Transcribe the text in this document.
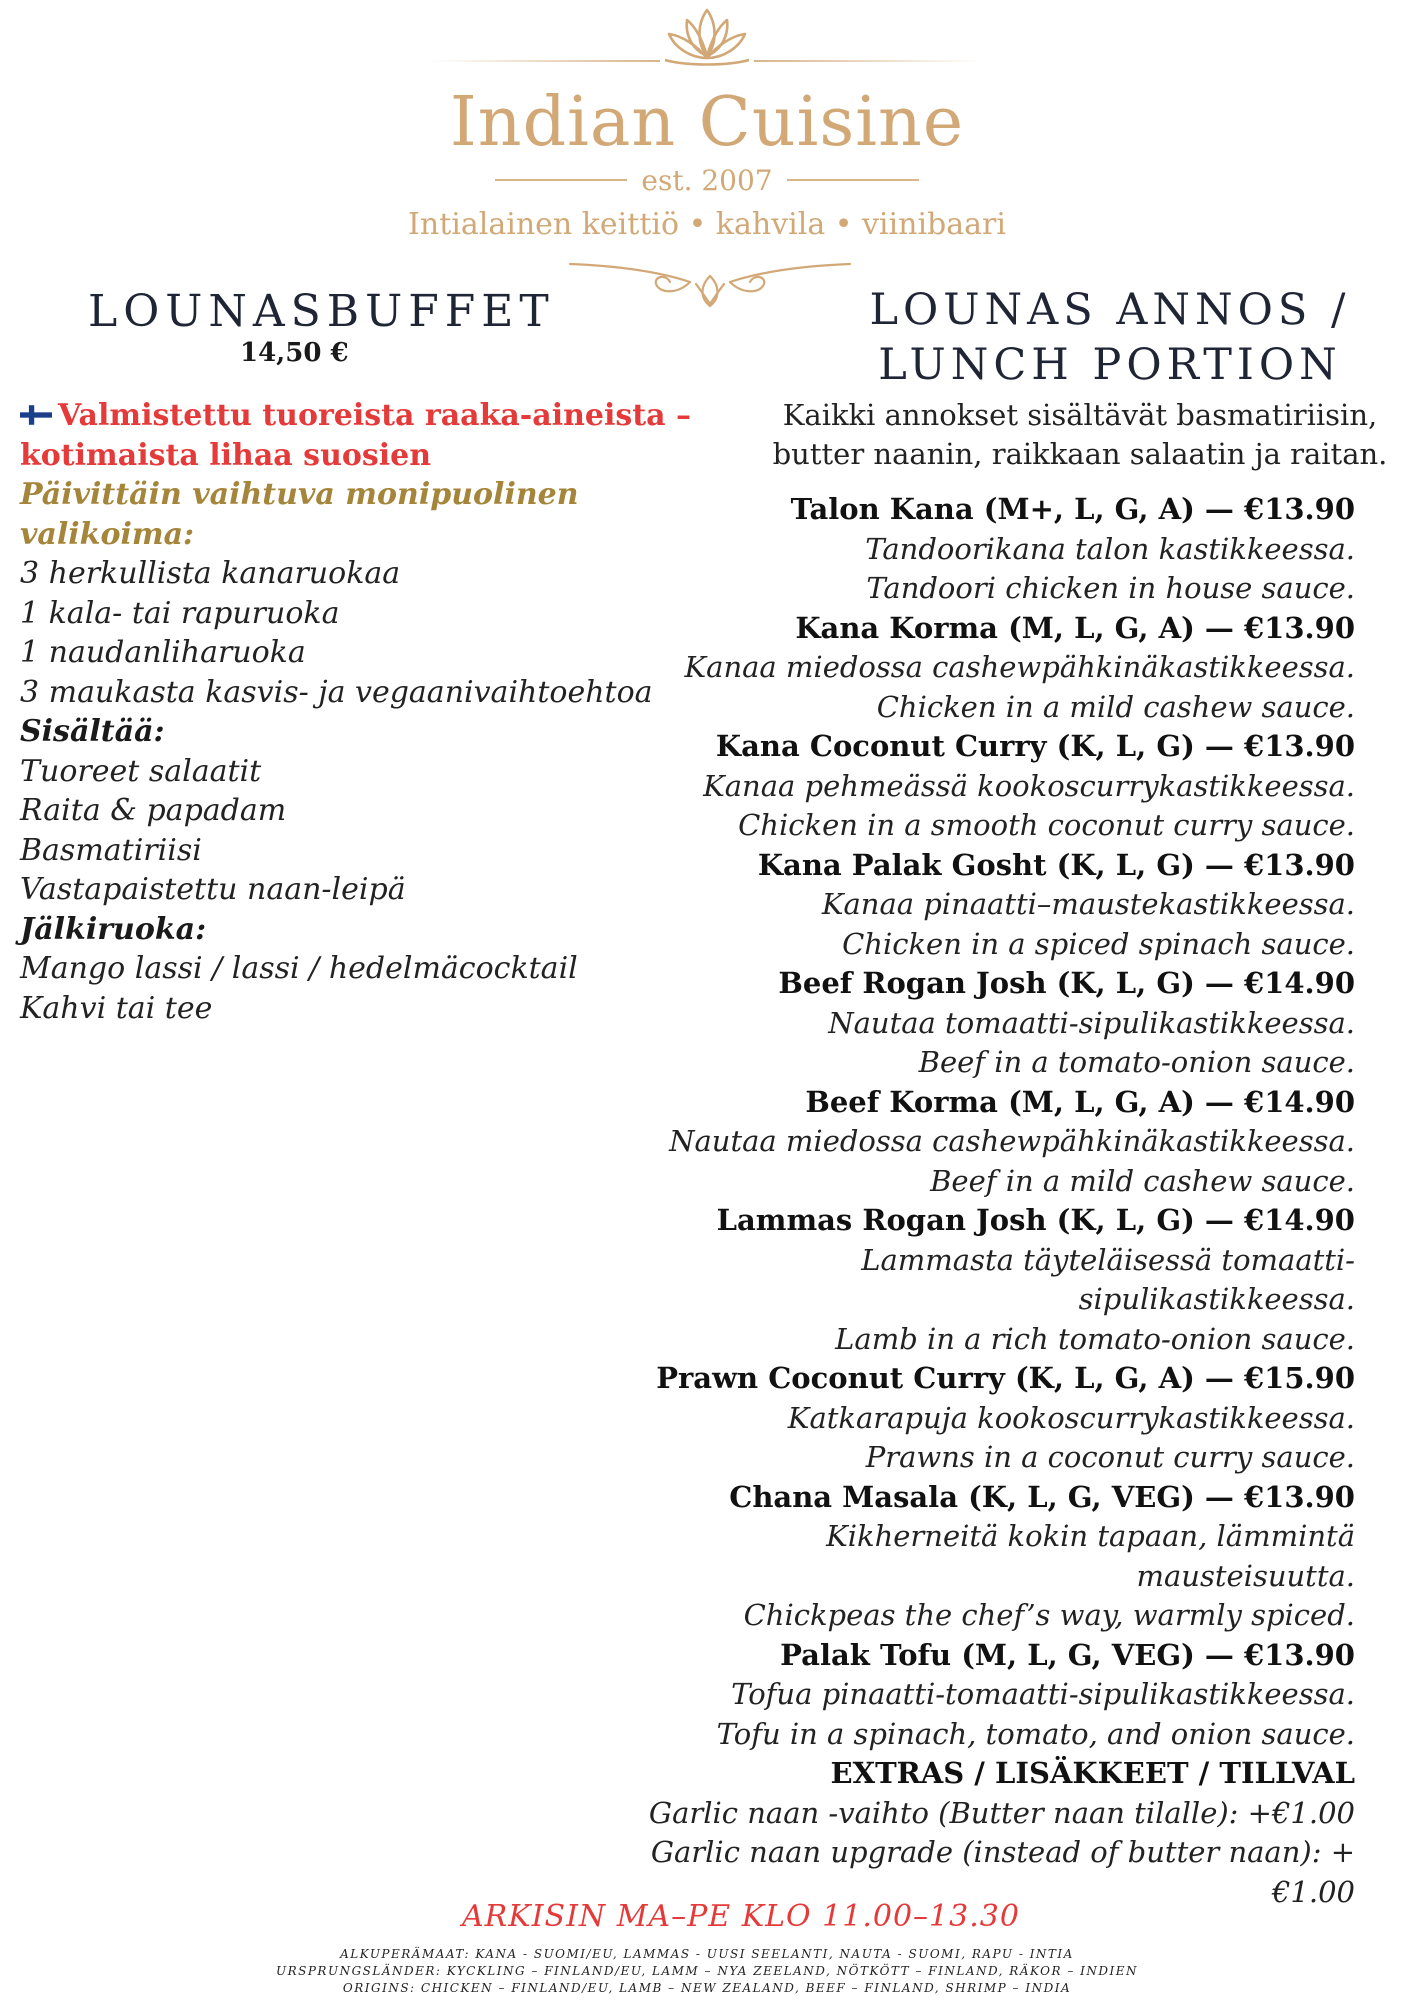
Indian Cuisine
est. 2007
Intialainen keittiö • kahvila • viinibaari
LOUNASBUFFET
14,50 €
Valmistettu tuoreista raaka-aineista –
kotimaista lihaa suosien
Päivittäin vaihtuva monipuolinen
valikoima:
3 herkullista kanaruokaa
1 kala- tai rapuruoka
1 naudanliharuoka
3 maukasta kasvis- ja vegaanivaihtoehtoa
Sisältää:
Tuoreet salaatit
Raita & papadam
Basmatiriisi
Vastapaistettu naan-leipä
Jälkiruoka:
Mango lassi / lassi / hedelmäcocktail
Kahvi tai tee
LOUNAS ANNOS /
LUNCH PORTION
Kaikki annokset sisältävät basmatiriisin,
butter naanin, raikkaan salaatin ja raitan.
Talon Kana (M+, L, G, A) — €13.90
Tandoorikana talon kastikkeessa.
Tandoori chicken in house sauce.
Kana Korma (M, L, G, A) — €13.90
Kanaa miedossa cashewpähkinäkastikkeessa.
Chicken in a mild cashew sauce.
Kana Coconut Curry (K, L, G) — €13.90
Kanaa pehmeässä kookoscurrykastikkeessa.
Chicken in a smooth coconut curry sauce.
Kana Palak Gosht (K, L, G) — €13.90
Kanaa pinaatti–maustekastikkeessa.
Chicken in a spiced spinach sauce.
Beef Rogan Josh (K, L, G) — €14.90
Nautaa tomaatti-sipulikastikkeessa.
Beef in a tomato-onion sauce.
Beef Korma (M, L, G, A) — €14.90
Nautaa miedossa cashewpähkinäkastikkeessa.
Beef in a mild cashew sauce.
Lammas Rogan Josh (K, L, G) — €14.90
Lammasta täyteläisessä tomaatti-
sipulikastikkeessa.
Lamb in a rich tomato-onion sauce.
Prawn Coconut Curry (K, L, G, A) — €15.90
Katkarapuja kookoscurrykastikkeessa.
Prawns in a coconut curry sauce.
Chana Masala (K, L, G, VEG) — €13.90
Kikherneitä kokin tapaan, lämmintä
mausteisuutta.
Chickpeas the chef’s way, warmly spiced.
Palak Tofu (M, L, G, VEG) — €13.90
Tofua pinaatti-tomaatti-sipulikastikkeessa.
Tofu in a spinach, tomato, and onion sauce.
EXTRAS / LISÄKKEET / TILLVAL
Garlic naan -vaihto (Butter naan tilalle): +€1.00
Garlic naan upgrade (instead of butter naan): +
€1.00
ARKISIN MA–PE KLO 11.00–13.30
ALKUPERÄMAAT: KANA - SUOMI/EU, LAMMAS - UUSI SEELANTI, NAUTA - SUOMI, RAPU - INTIA
URSPRUNGSLÄNDER: KYCKLING – FINLAND/EU, LAMM – NYA ZEELAND, NÖTKÖTT – FINLAND, RÄKOR – INDIEN
ORIGINS: CHICKEN – FINLAND/EU, LAMB – NEW ZEALAND, BEEF – FINLAND, SHRIMP – INDIA
